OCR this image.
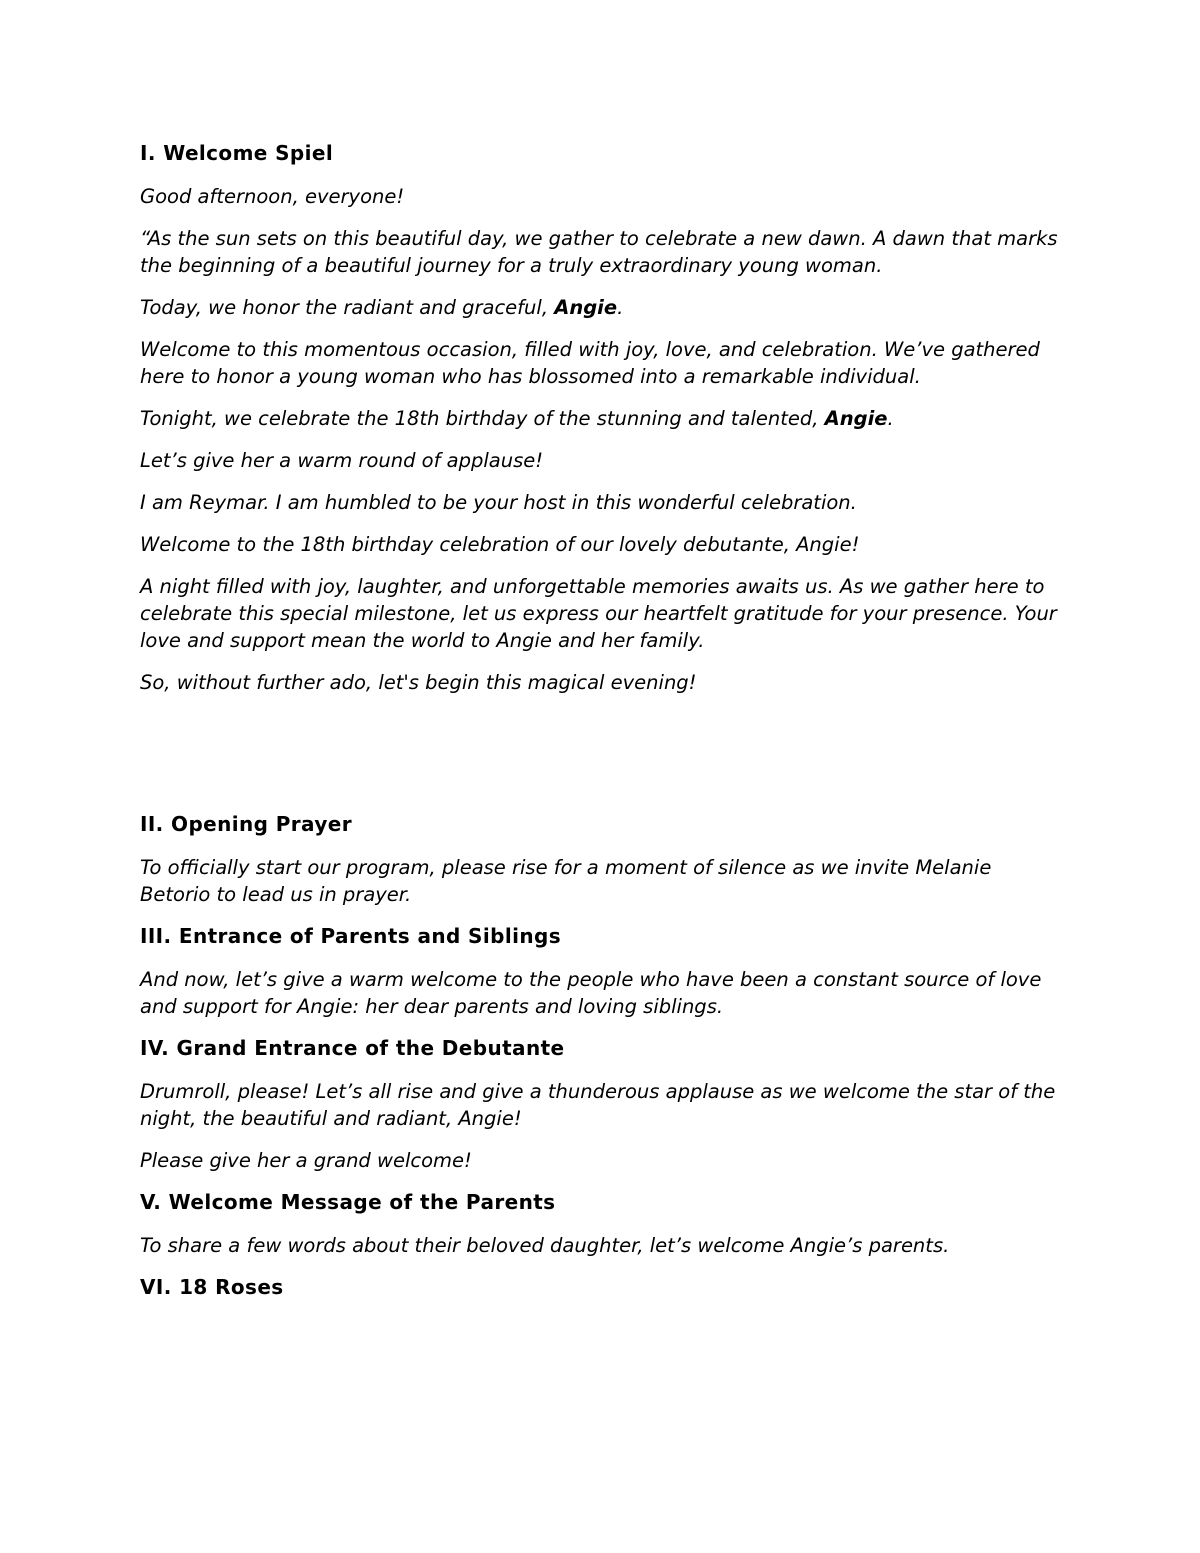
I. Welcome Spiel

Good afternoon, everyone!

“As the sun sets on this beautiful day, we gather to celebrate a new dawn. A dawn that marks the beginning of a beautiful journey for a truly extraordinary young woman.

Today, we honor the radiant and graceful, Angie.

Welcome to this momentous occasion, filled with joy, love, and celebration. We’ve gathered here to honor a young woman who has blossomed into a remarkable individual.

Tonight, we celebrate the 18th birthday of the stunning and talented, Angie.

Let’s give her a warm round of applause!

I am Reymar. I am humbled to be your host in this wonderful celebration.

Welcome to the 18th birthday celebration of our lovely debutante, Angie!

A night filled with joy, laughter, and unforgettable memories awaits us. As we gather here to celebrate this special milestone, let us express our heartfelt gratitude for your presence. Your love and support mean the world to Angie and her family.

So, without further ado, let's begin this magical evening!

II. Opening Prayer

To officially start our program, please rise for a moment of silence as we invite Melanie Betorio to lead us in prayer.

III. Entrance of Parents and Siblings

And now, let’s give a warm welcome to the people who have been a constant source of love and support for Angie: her dear parents and loving siblings.

IV. Grand Entrance of the Debutante

Drumroll, please! Let’s all rise and give a thunderous applause as we welcome the star of the night, the beautiful and radiant, Angie!

Please give her a grand welcome!

V. Welcome Message of the Parents

To share a few words about their beloved daughter, let’s welcome Angie’s parents.

VI. 18 Roses
